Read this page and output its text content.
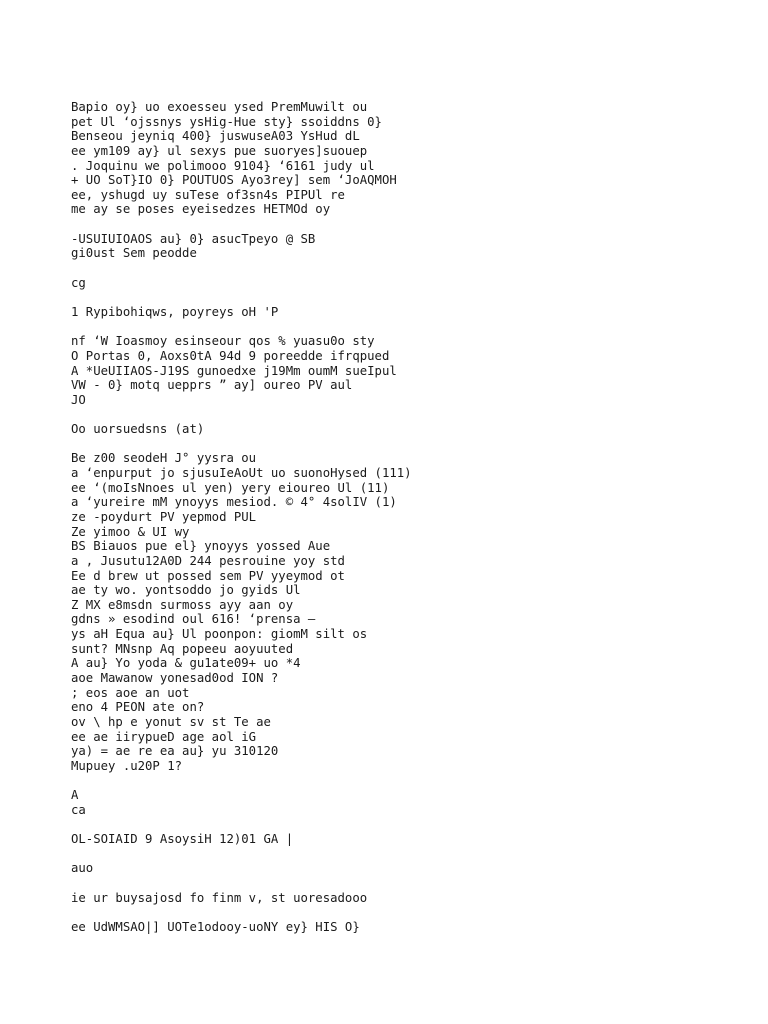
Bapio oy} uo exoesseu ysed PremMuwilt ou
pet Ul ‘ojssnys ysHig-Hue sty} ssoiddns 0}
Benseou jeyniq 400} juswuseA03 YsHud dL
ee ym109 ay} ul sexys pue suoryes]suouep
. Joquinu we polimooo 9104} ‘6161 judy ul
+ UO SoT}IO 0} POUTUOS Ayo3rey] sem ‘JoAQMOH
ee, yshugd uy suTese of3sn4s PIPUl re
me ay se poses eyeisedzes HETMOd oy
-USUIUIOAOS au} 0} asucTpeyo @ SB
gi0ust Sem peodde
cg
1 Rypibohiqws, poyreys oH 'P
nf ‘W Ioasmoy esinseour qos % yuasu0o sty
O Portas 0, Aoxs0tA 94d 9 poreedde ifrqpued
A *UeUIIAOS-J19S gunoedxe j19Mm oumM sueIpul
VW - 0} motq uepprs ” ay] oureo PV aul
JO
Oo uorsuedsns (at)
Be z00 seodeH J° yysra ou
a ‘enpurput jo sjusuIeAoUt uo suonoHysed (111)
ee ‘(moIsNnoes ul yen) yery eioureo Ul (11)
a ‘yureire mM ynoyys mesiod. © 4° 4solIV (1)
ze -poydurt PV yepmod PUL
Ze yimoo & UI wy
BS Biauos pue el} ynoyys yossed Aue
a , Jusutu12A0D 244 pesrouine yoy std
Ee d brew ut possed sem PV yyeymod ot
ae ty wo. yontsoddo jo gyids Ul
Z MX e8msdn surmoss ayy aan oy
gdns » esodind oul 616! ‘prensa —
ys aH Equa au} Ul poonpon: giomM silt os
sunt? MNsnp Aq popeeu aoyuuted
A au} Yo yoda & gu1ate09+ uo *4
aoe Mawanow yonesad0od ION ?
; eos aoe an uot
eno 4 PEON ate on?
ov \ hp e yonut sv st Te ae
ee ae iirypueD age aol iG
ya) = ae re ea au} yu 310120
Mupuey .u20P 1?
A
ca
OL-SOIAID 9 AsoysiH 12)01 GA |
auo
ie ur buysajosd fo finm v, st uoresadooo
ee UdWMSAO|] UOTe1odooy-uoNY ey} HIS O}
